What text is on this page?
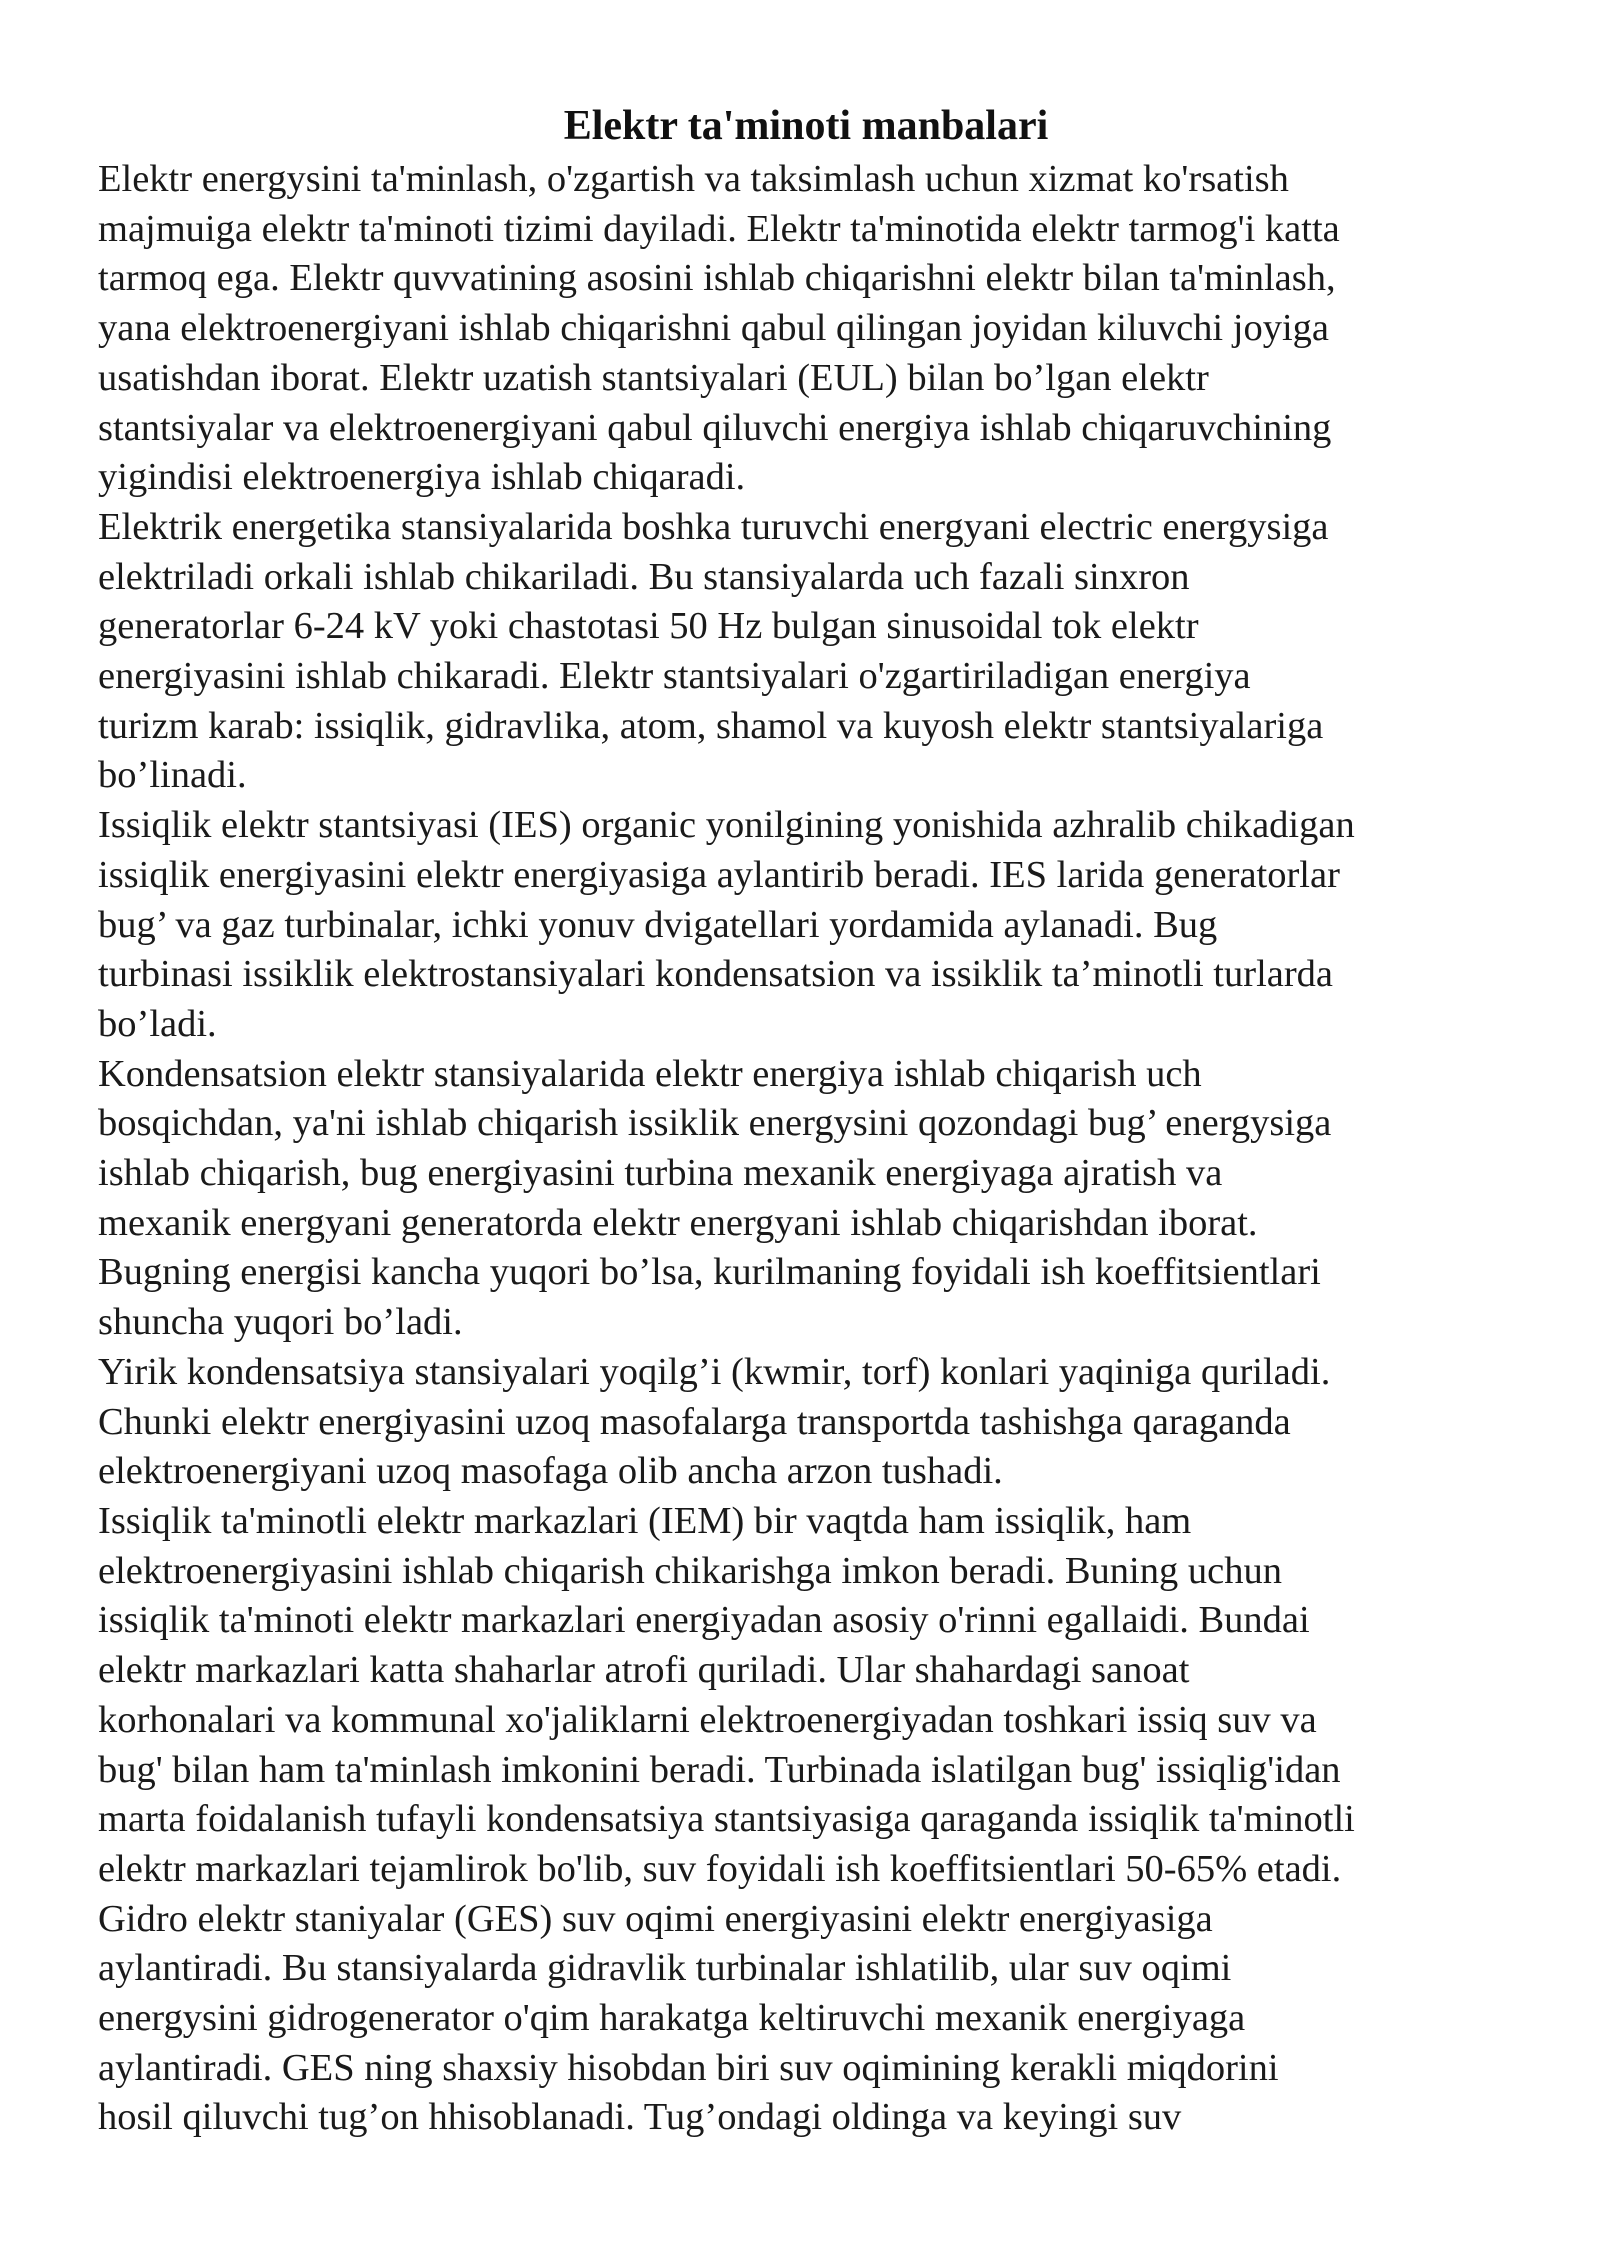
Elektr ta'minoti manbalari
Elektr energysini ta'minlash, o'zgartish va taksimlash uchun xizmat ko'rsatish
majmuiga elektr ta'minoti tizimi dayiladi. Elektr ta'minotida elektr tarmog'i katta
tarmoq ega. Elektr quvvatining asosini ishlab chiqarishni elektr bilan ta'minlash,
yana elektroenergiyani ishlab chiqarishni qabul qilingan joyidan kiluvchi joyiga
usatishdan iborat. Elektr uzatish stantsiyalari (EUL) bilan bo’lgan elektr
stantsiyalar va elektroenergiyani qabul qiluvchi energiya ishlab chiqaruvchining
yigindisi elektroenergiya ishlab chiqaradi.
Elektrik energetika stansiyalarida boshka turuvchi energyani electric energysiga
elektriladi orkali ishlab chikariladi. Bu stansiyalarda uch fazali sinxron
generatorlar 6-24 kV yoki chastotasi 50 Hz bulgan sinusoidal tok elektr
energiyasini ishlab chikaradi. Elektr stantsiyalari o'zgartiriladigan energiya
turizm karab: issiqlik, gidravlika, atom, shamol va kuyosh elektr stantsiyalariga
bo’linadi.
Issiqlik elektr stantsiyasi (IES) organic yonilgining yonishida azhralib chikadigan
issiqlik energiyasini elektr energiyasiga aylantirib beradi. IES larida generatorlar
bug’ va gaz turbinalar, ichki yonuv dvigatellari yordamida aylanadi. Bug
turbinasi issiklik elektrostansiyalari kondensatsion va issiklik ta’minotli turlarda
bo’ladi.
Kondensatsion elektr stansiyalarida elektr energiya ishlab chiqarish uch
bosqichdan, ya'ni ishlab chiqarish issiklik energysini qozondagi bug’ energysiga
ishlab chiqarish, bug energiyasini turbina mexanik energiyaga ajratish va
mexanik energyani generatorda elektr energyani ishlab chiqarishdan iborat.
Bugning energisi kancha yuqori bo’lsa, kurilmaning foyidali ish koeffitsientlari
shuncha yuqori bo’ladi.
Yirik kondensatsiya stansiyalari yoqilg’i (kwmir, torf) konlari yaqiniga quriladi.
Chunki elektr energiyasini uzoq masofalarga transportda tashishga qaraganda
elektroenergiyani uzoq masofaga olib ancha arzon tushadi.
Issiqlik ta'minotli elektr markazlari (IEM) bir vaqtda ham issiqlik, ham
elektroenergiyasini ishlab chiqarish chikarishga imkon beradi. Buning uchun
issiqlik ta'minoti elektr markazlari energiyadan asosiy o'rinni egallaidi. Bundai
elektr markazlari katta shaharlar atrofi quriladi. Ular shahardagi sanoat
korhonalari va kommunal xo'jaliklarni elektroenergiyadan toshkari issiq suv va
bug' bilan ham ta'minlash imkonini beradi. Turbinada islatilgan bug' issiqlig'idan
marta foidalanish tufayli kondensatsiya stantsiyasiga qaraganda issiqlik ta'minotli
elektr markazlari tejamlirok bo'lib, suv foyidali ish koeffitsientlari 50-65% etadi.
Gidro elektr staniyalar (GES) suv oqimi energiyasini elektr energiyasiga
aylantiradi. Bu stansiyalarda gidravlik turbinalar ishlatilib, ular suv oqimi
energysini gidrogenerator o'qim harakatga keltiruvchi mexanik energiyaga
aylantiradi. GES ning shaxsiy hisobdan biri suv oqimining kerakli miqdorini
hosil qiluvchi tug’on hhisoblanadi. Tug’ondagi oldinga va keyingi suv
